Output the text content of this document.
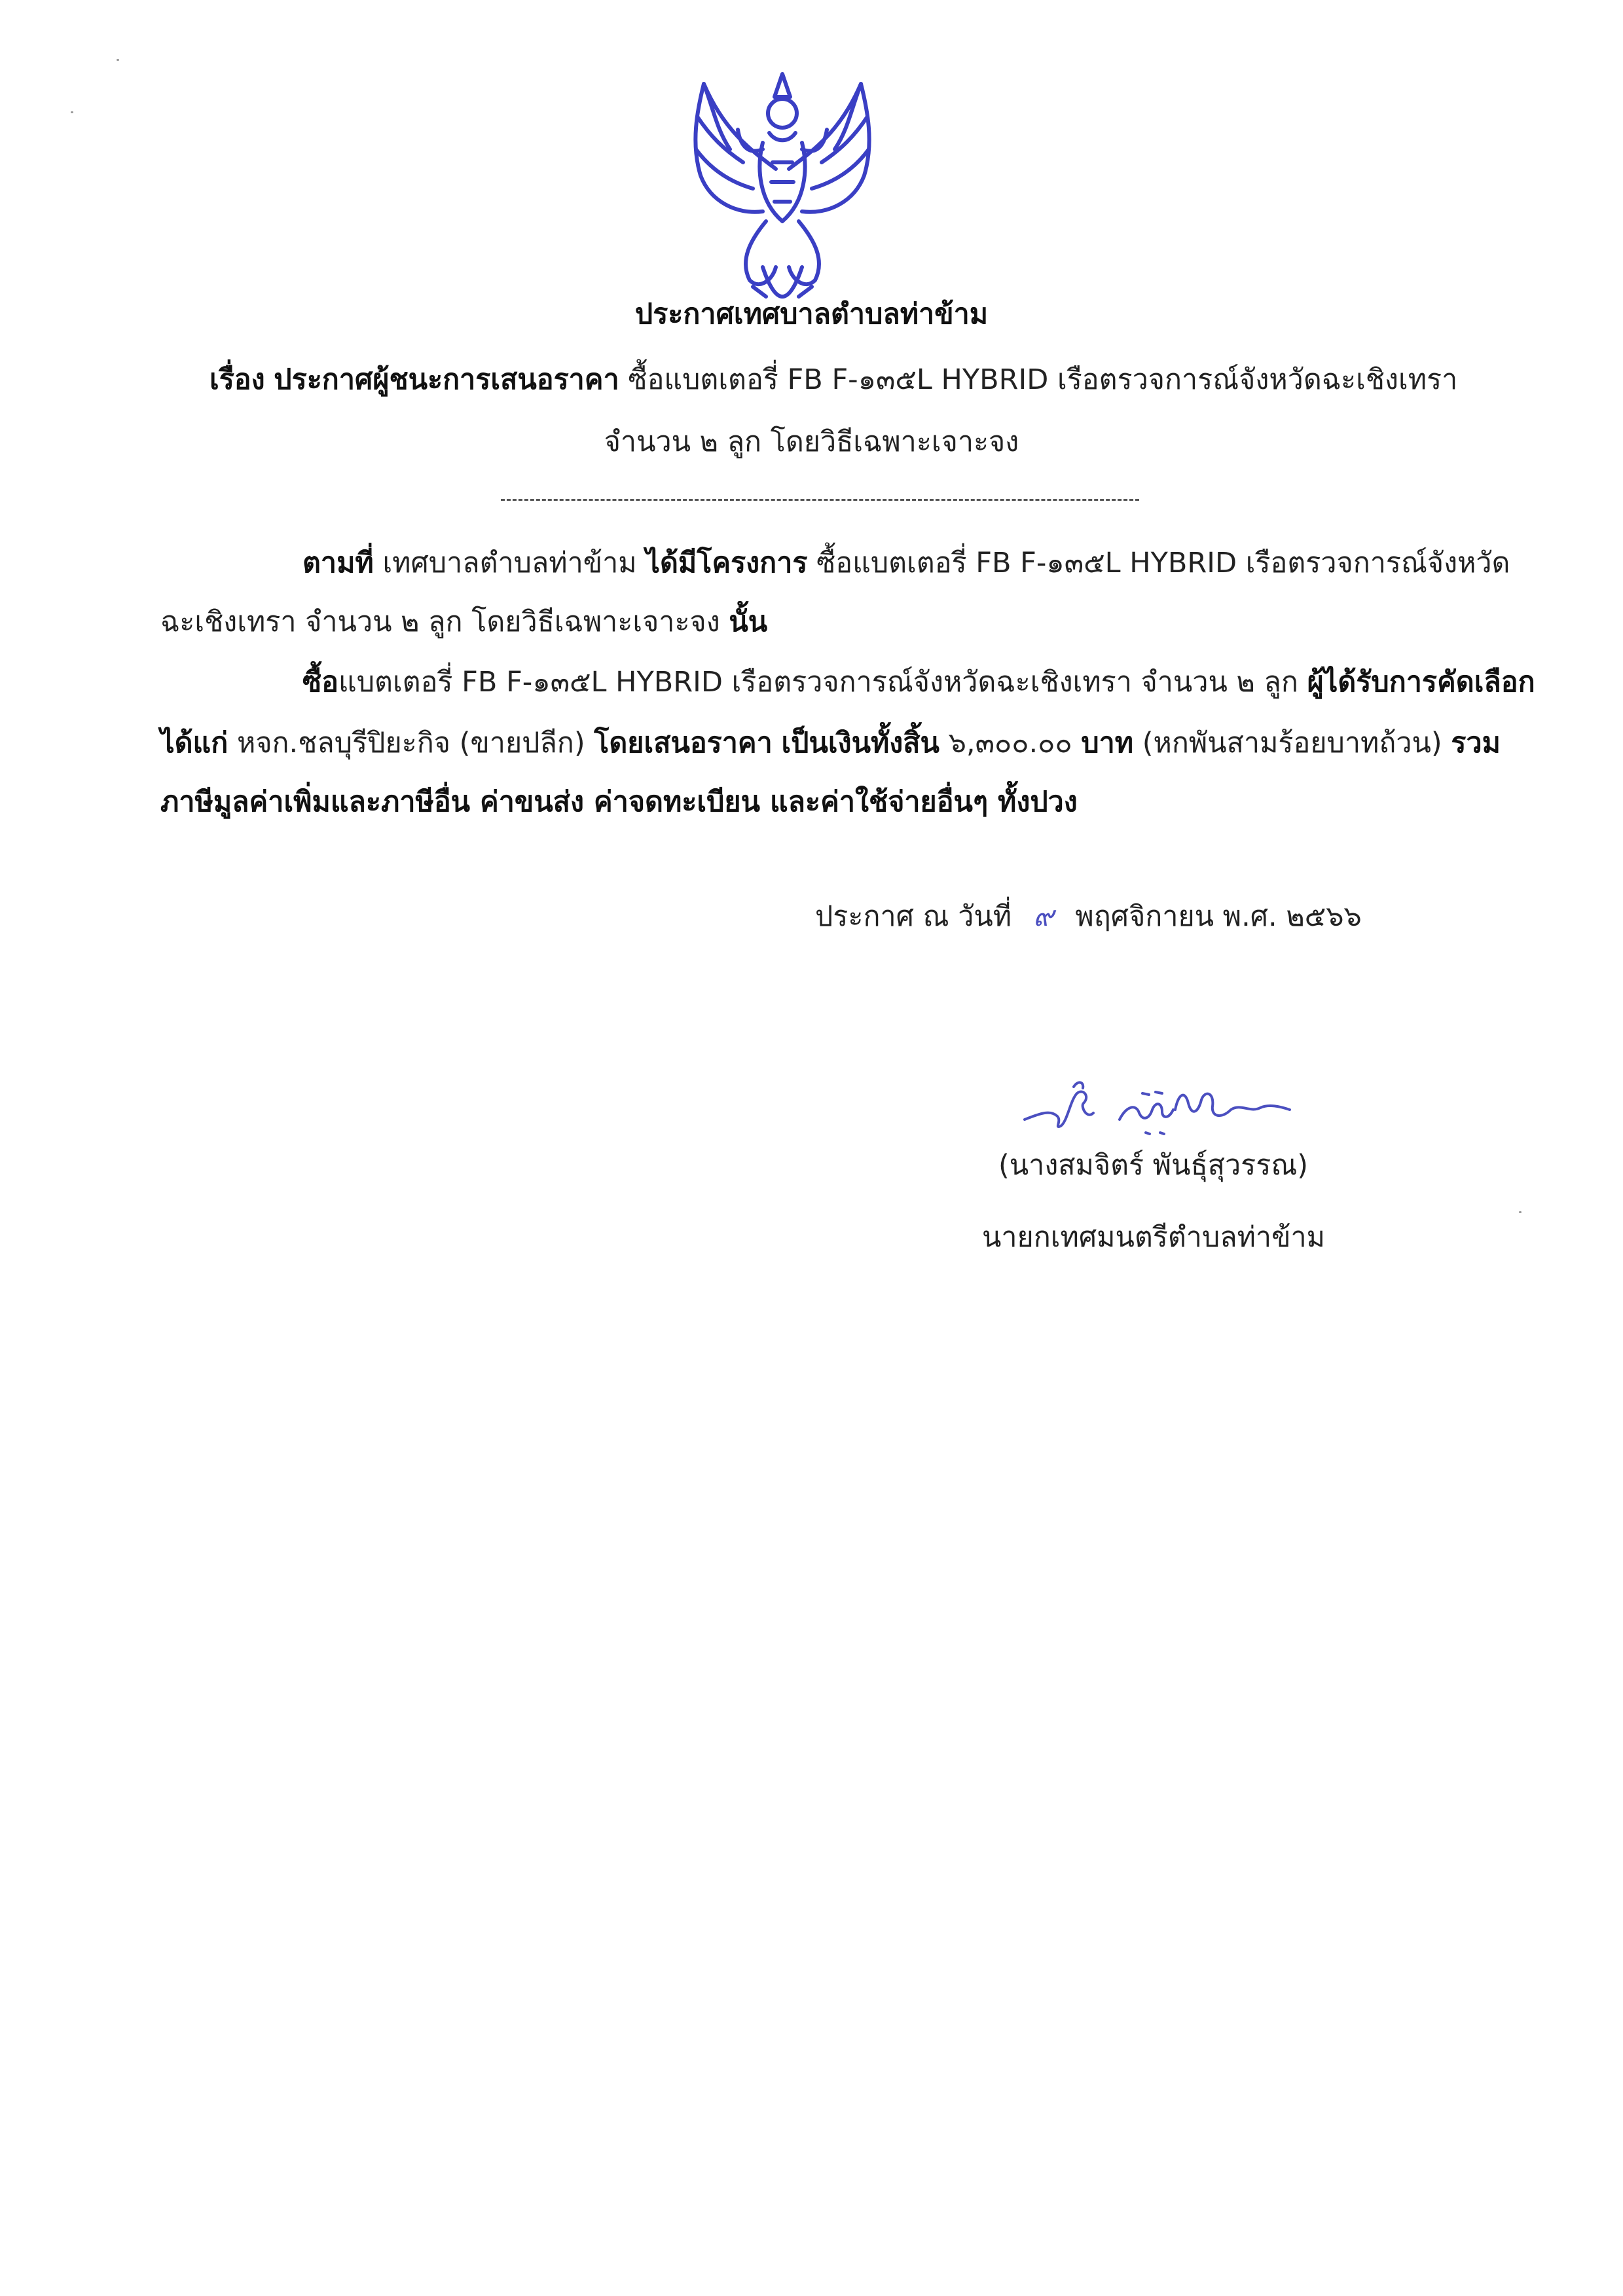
ประกาศเทศบาลตำบลท่าข้าม
เรื่อง ประกาศผู้ชนะการเสนอราคา ซื้อแบตเตอรี่ FB F-๑๓๕L HYBRID เรือตรวจการณ์จังหวัดฉะเชิงเทรา
จำนวน ๒ ลูก โดยวิธีเฉพาะเจาะจง
ตามที่ เทศบาลตำบลท่าข้าม ได้มีโครงการ ซื้อแบตเตอรี่ FB F-๑๓๕L HYBRID เรือตรวจการณ์จังหวัด
ฉะเชิงเทรา จำนวน ๒ ลูก โดยวิธีเฉพาะเจาะจง นั้น
ซื้อแบตเตอรี่ FB F-๑๓๕L HYBRID เรือตรวจการณ์จังหวัดฉะเชิงเทรา จำนวน ๒ ลูก ผู้ได้รับการคัดเลือก
ได้แก่ หจก.ชลบุรีปิยะกิจ (ขายปลีก) โดยเสนอราคา เป็นเงินทั้งสิ้น ๖,๓๐๐.๐๐ บาท (หกพันสามร้อยบาทถ้วน) รวม
ภาษีมูลค่าเพิ่มและภาษีอื่น ค่าขนส่ง ค่าจดทะเบียน และค่าใช้จ่ายอื่นๆ ทั้งปวง
ประกาศ ณ วันที่ ๙ พฤศจิกายน พ.ศ. ๒๕๖๖
(นางสมจิตร์ พันธุ์สุวรรณ)
นายกเทศมนตรีตำบลท่าข้าม
